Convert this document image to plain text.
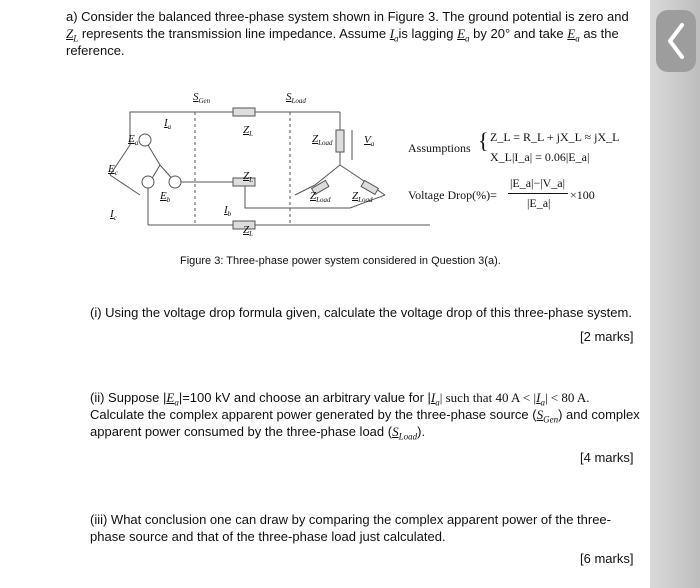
a) Consider the balanced three-phase system shown in Figure 3. The ground potential is zero and
$Z_L$ represents the transmission line impedance. Assume $I_ais$ lagging $E_a$ by 20° and take $E_a$ as the
reference.
$S_{Gen}$	$S_{Load}$
$I_a$
$E_a$
$E_c$
$E_b$
$I_c$
$I_b$
$Z_L$
$Z_L$
$Z_L$
$Z_{Load}$
$Z_{Load}$ $Z_{Load}$
$V_a$	Assumptions { Z_L = R_L + jX_L ≈ jX_L
X_L|I_a| = 0.06|E_a|
Voltage Drop(%)=
|E_a|−|V_a|
|E_a|
×100
Figure 3: Three-phase power system considered in Question 3(a).
(i) Using the voltage drop formula given, calculate the voltage drop of this three-phase system.
[2 marks]
(ii) Suppose $|E_a|=100$ kV and choose an arbitrary value for $|I_a|$ such that 40 $A < |I_a| < 80$ A.
Calculate the complex apparent power generated by the three-phase source $(S_{Gen})$ and complex
apparent power consumed by the three-phase load $(S_{Load})$.
[4 marks]
(iii) What conclusion one can draw by comparing the complex apparent power of the three-
phase source and that of the three-phase load just calculated.
[6 marks]
